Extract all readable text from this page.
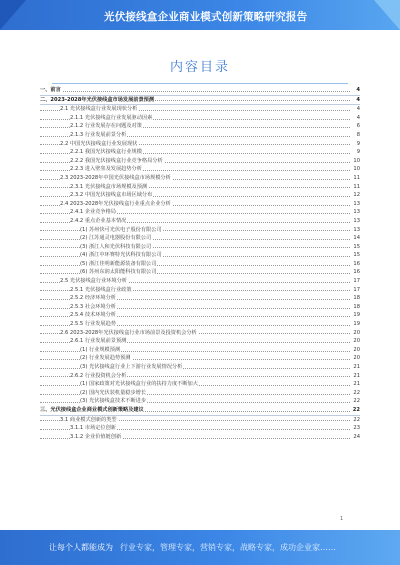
光伏接线盒企业商业模式创新策略研究报告
内容目录
一、前言	4
二、2023-2028年光伏接线盒市场发展前景预测	4
2.1 光伏接线盒行业发展现状分析	4
2.1.1 光伏接线盒行业发展驱动因素	4
2.1.2 行业发展存在问题及对策	6
2.1.3 行业发展前景分析	8
2.2 中国光伏接线盒行业发展现状	9
2.2.1 我国光伏接线盒行业规模	9
2.2.2 我国光伏接线盒行业竞争格局分析	10
2.2.3 进入壁垒及发展趋势分析	10
2.3 2023-2028年中国光伏接线盒市场规模分析	11
2.3.1 光伏接线盒市场规模及预测	11
2.3.2 中国光伏接线盒市场区域分布	12
2.4 2023-2028年光伏接线盒行业重点企业分析	13
2.4.1 企业竞争格局	13
2.4.2 重点企业基本情况	13
(1) 苏州快可光伏电子股份有限公司	13
(2) 江苏通灵电器股份有限公司	14
(3) 浙江人和光伏科技有限公司	15
(4) 浙江中环赛特光伏科技有限公司	15
(5) 浙江佳明新能源装备有限公司	16
(6) 苏州东润太阳能科技有限公司	16
2.5 光伏接线盒行业环境分析	17
2.5.1 光伏接线盒行业政策	17
2.5.2 经济环境分析	18
2.5.3 社会环境分析	18
2.5.4 技术环境分析	19
2.5.5 行业发展趋势	19
2.6 2023-2028年光伏接线盒行业市场前景及投资机会分析	20
2.6.1 行业发展前景预测	20
(1) 行业规模预测	20
(2) 行业发展趋势预测	20
(3) 光伏接线盒行业上下游行业发展情况分析	21
2.6.2 行业投资机会分析	21
(1) 国家政策对光伏接线盒行业的扶持力度不断加大	21
(2) 国内光伏装机量稳步增长	22
(3) 光伏接线盒技术不断进步	22
三、光伏接线盒企业商业模式创新策略及建议	22
3.1 商业模式创新的类型	22
3.1.1 市场定位创新	23
3.1.2 企业价值链创新	24
1
让每个人都能成为 行业专家，管理专家，营销专家，战略专家，成功企业家……
